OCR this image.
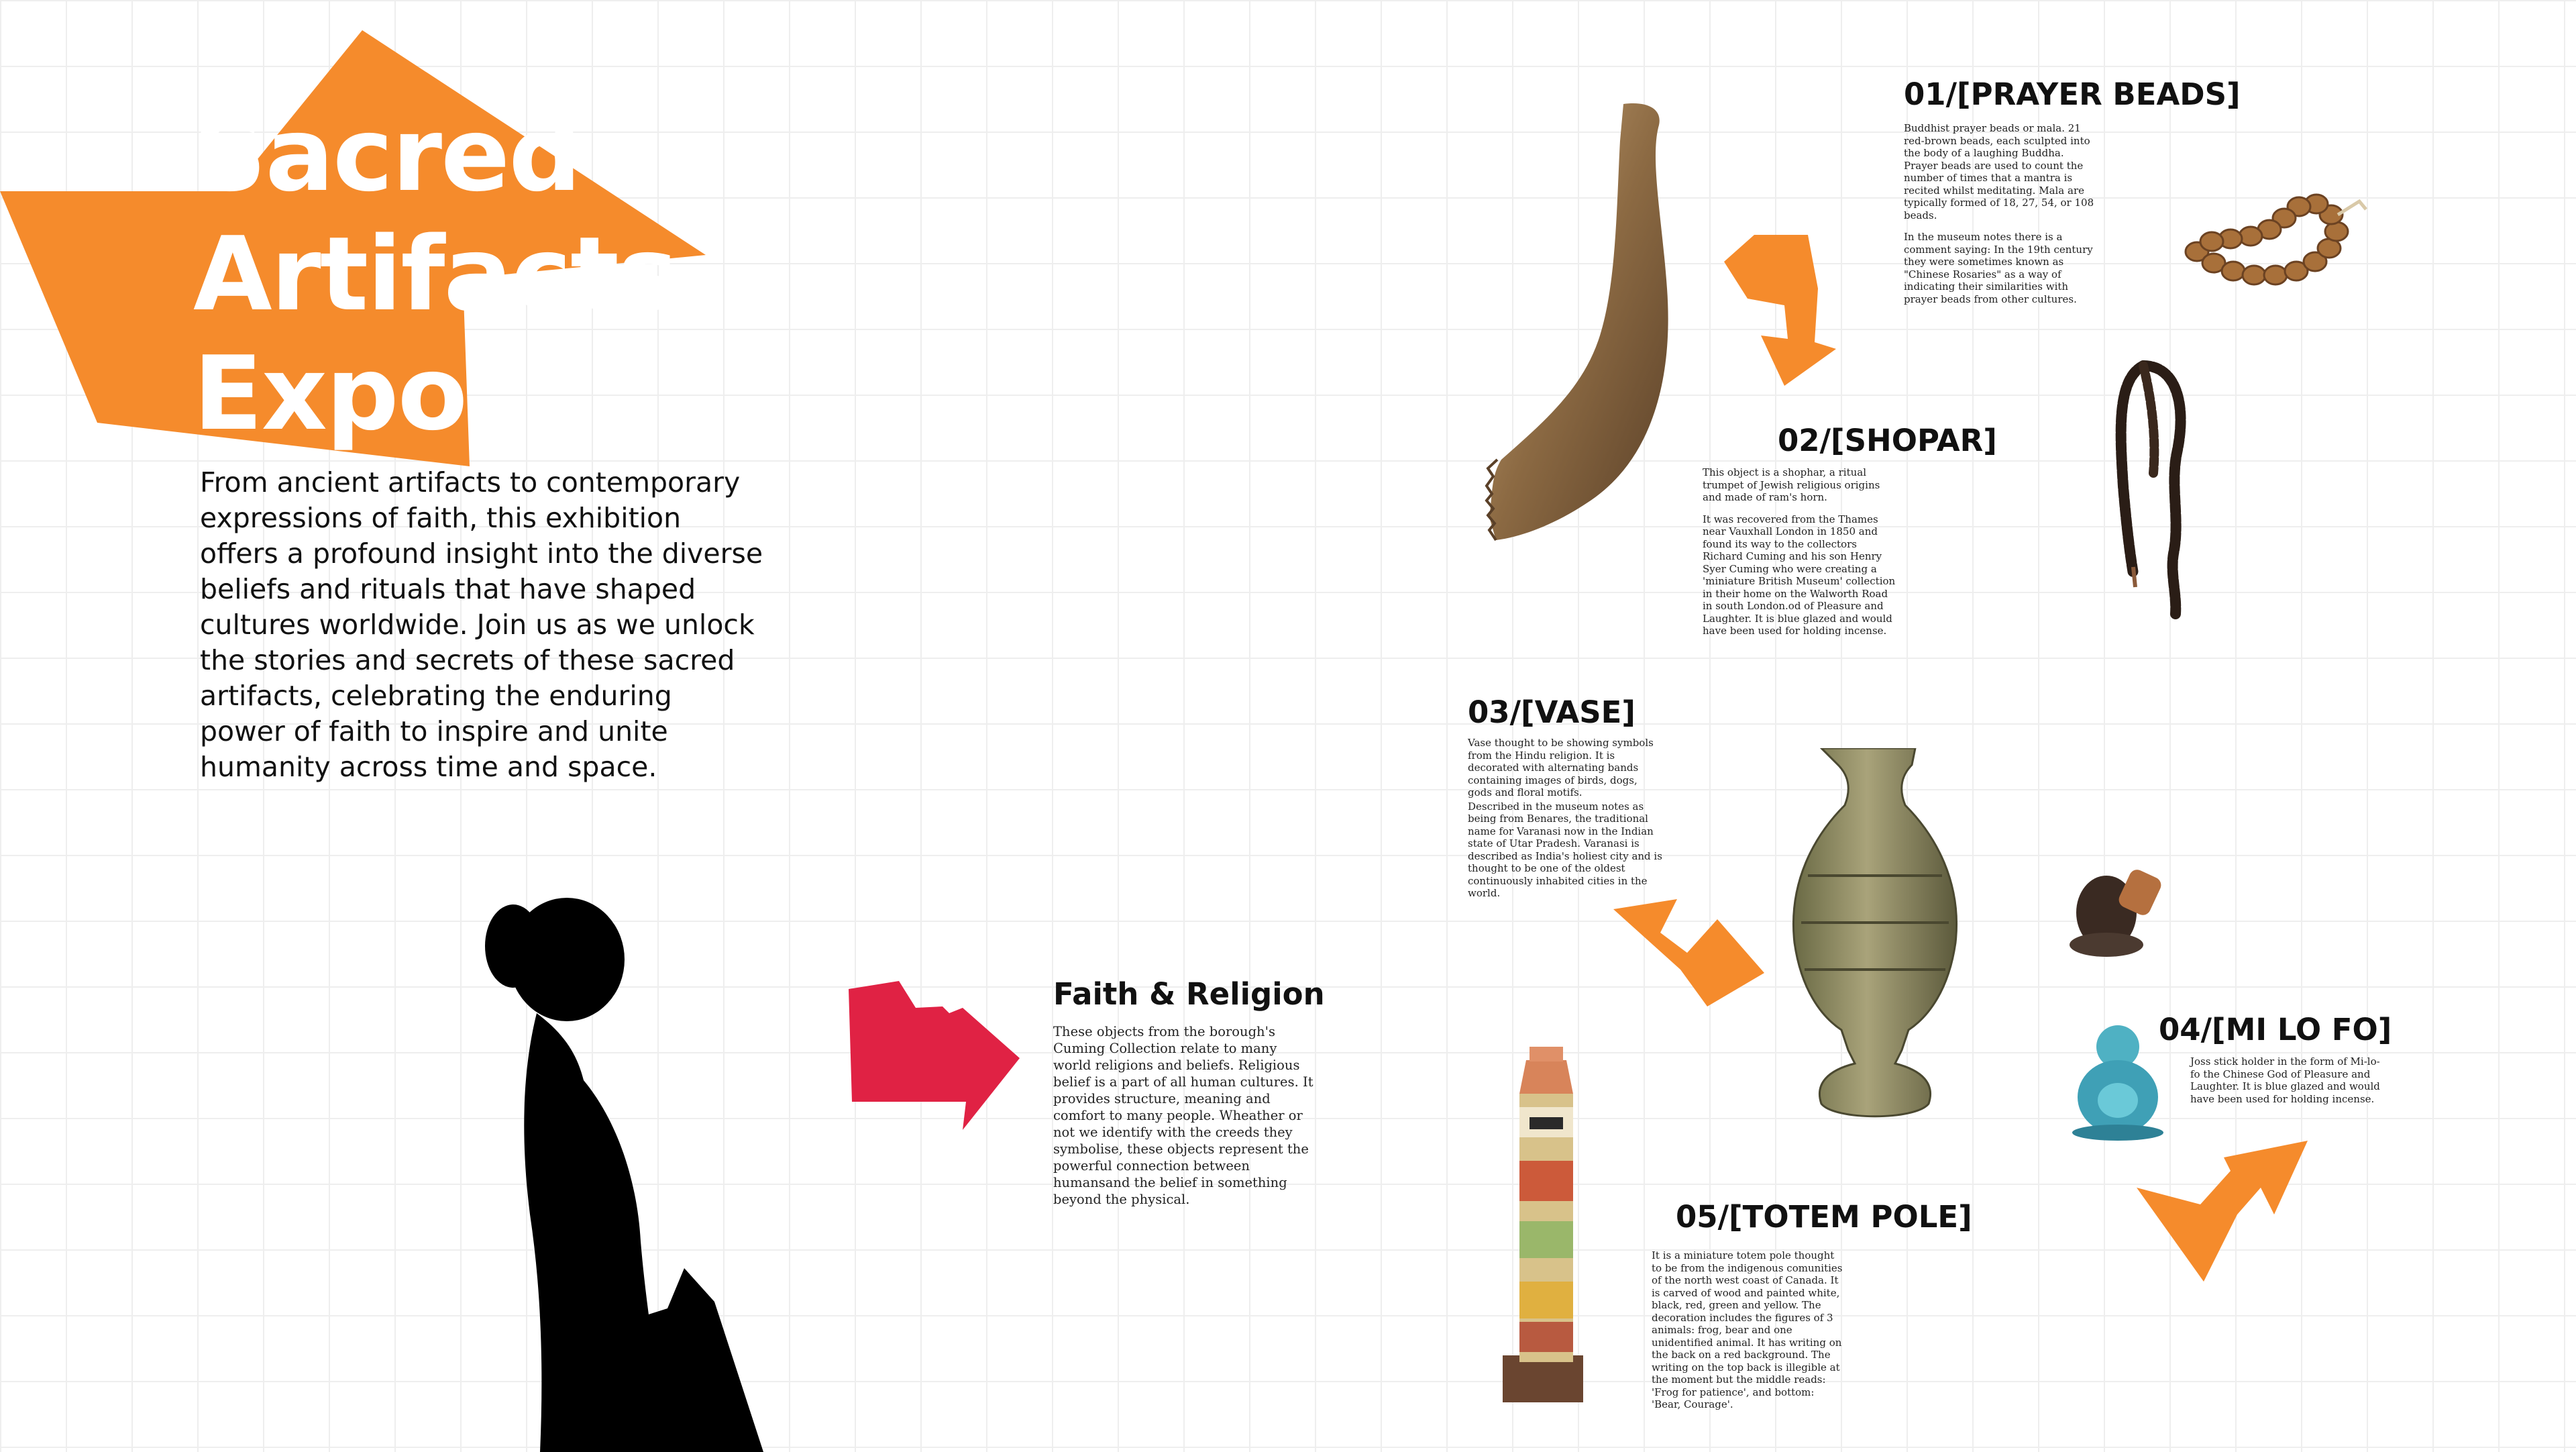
Sacred
Artifacts
Expo
From ancient artifacts to contemporary expressions of faith, this exhibition offers a profound insight into the diverse beliefs and rituals that have shaped cultures worldwide. Join us as we unlock the stories and secrets of these sacred artifacts, celebrating the enduring power of faith to inspire and unite humanity across time and space.
Faith & Religion
These objects from the borough's Cuming Collection relate to many world religions and beliefs. Religious belief is a part of all human cultures. It provides structure, meaning and comfort to many people. Wheather or not we identify with the creeds they symbolise, these objects represent the powerful connection between humansand the belief in something beyond the physical.
01/[PRAYER BEADS]

Buddhist prayer beads or mala. 21 red-brown beads, each sculpted into the body of a laughing Buddha. Prayer beads are used to count the number of times that a mantra is recited whilst meditating. Mala are typically formed of 18, 27, 54, or 108 beads.

In the museum notes there is a comment saying: In the 19th century they were sometimes known as "Chinese Rosaries" as a way of indicating their similarities with prayer beads from other cultures.

02/[SHOPAR]

This object is a shophar, a ritual trumpet of Jewish religious origins and made of ram's horn.

It was recovered from the Thames near Vauxhall London in 1850 and found its way to the collectors Richard Cuming and his son Henry Syer Cuming who were creating a 'miniature British Museum' collection in their home on the Walworth Road in south London.od of Pleasure and Laughter. It is blue glazed and would have been used for holding incense.

03/[VASE]

Vase thought to be showing symbols from the Hindu religion. It is decorated with alternating bands containing images of birds, dogs, gods and floral motifs.

Described in the museum notes as being from Benares, the traditional name for Varanasi now in the Indian state of Utar Pradesh. Varanasi is described as India's holiest city and is thought to be one of the oldest continuously inhabited cities in the world.

04/[MI LO FO]

Joss stick holder in the form of Mi-lo-fo the Chinese God of Pleasure and Laughter. It is blue glazed and would have been used for holding incense.

05/[TOTEM POLE]

It is a miniature totem pole thought to be from the indigenous comunities of the north west coast of Canada. It is carved of wood and painted white, black, red, green and yellow. The decoration includes the figures of 3 animals: frog, bear and one unidentified animal. It has writing on the back on a red background. The writing on the top back is illegible at the moment but the middle reads: 'Frog for patience', and bottom: 'Bear, Courage'.
